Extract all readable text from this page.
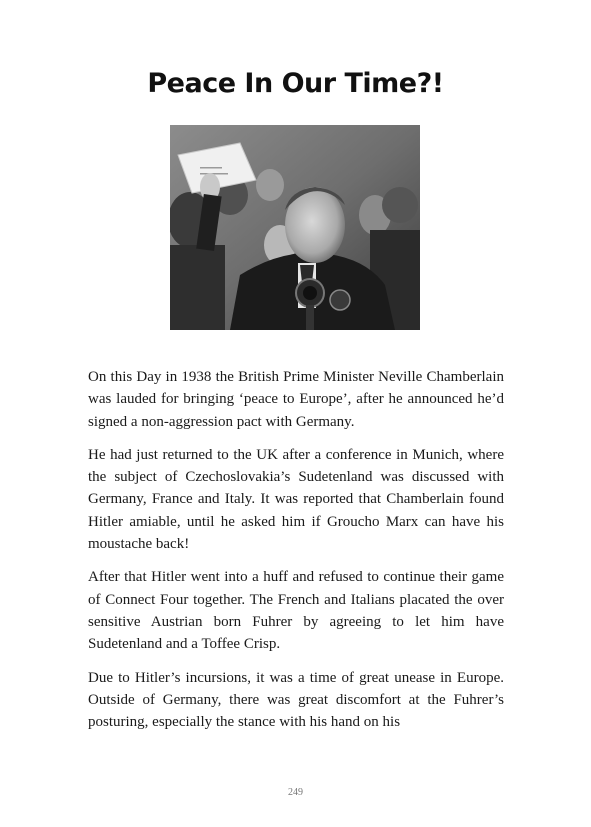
Peace In Our Time?!

On this Day in 1938 the British Prime Minister Neville Chamberlain was lauded for bringing ‘peace to Europe’, after he announced he’d signed a non-aggression pact with Germany.

He had just returned to the UK after a conference in Munich, where the subject of Czechoslovakia’s Sudetenland was discussed with Germany, France and Italy. It was reported that Chamberlain found Hitler amiable, until he asked him if Groucho Marx can have his moustache back!

After that Hitler went into a huff and refused to continue their game of Connect Four together. The French and Italians placated the over sensitive Austrian born Fuhrer by agreeing to let him have Sudetenland and a Toffee Crisp.

Due to Hitler’s incursions, it was a time of great unease in Europe. Outside of Germany, there was great discomfort at the Fuhrer’s posturing, especially the stance with his hand on his

249
